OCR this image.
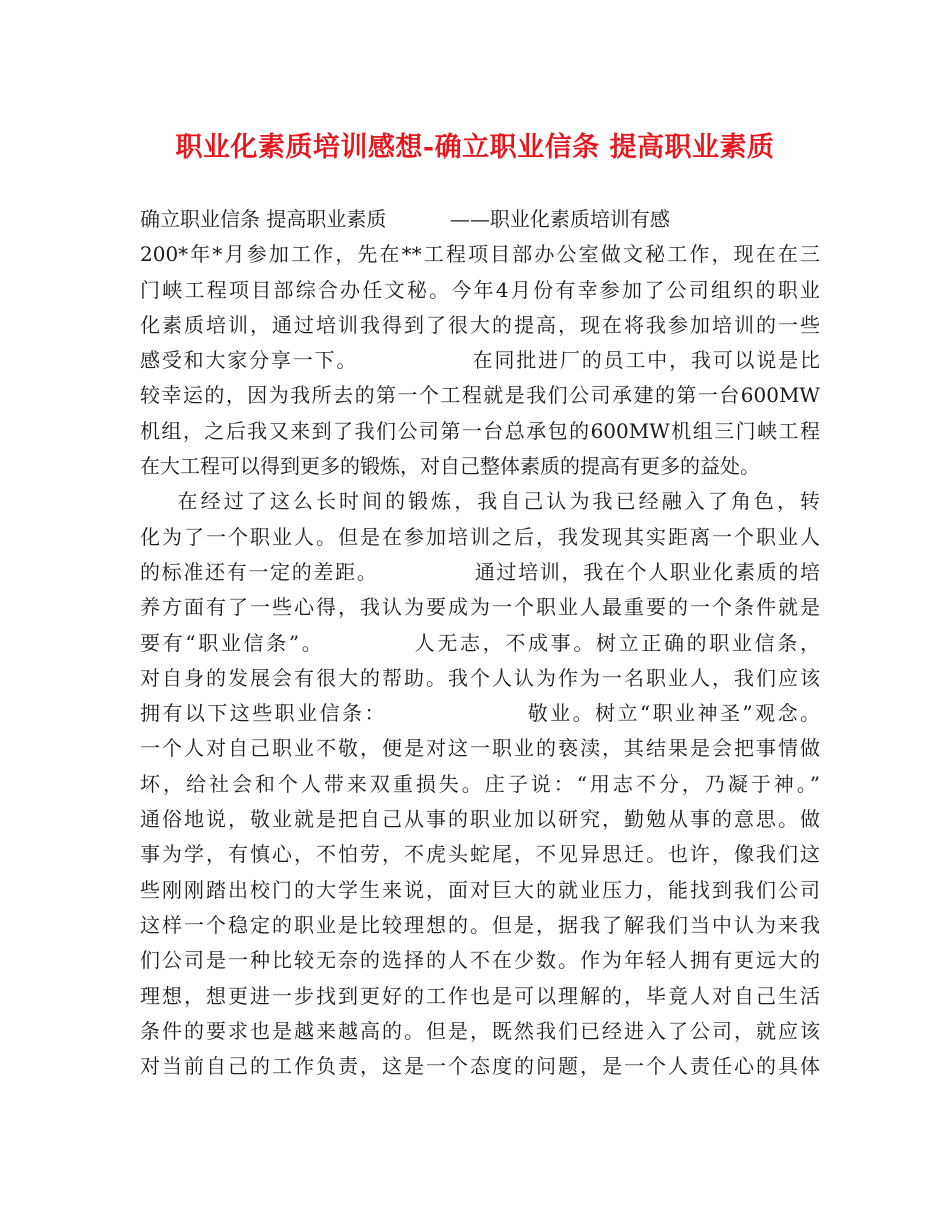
职业化素质培训感想-确立职业信条 提高职业素质
确立职业信条 提高职业素质          ——职业化素质培训有感
200*年*月参加工作，先在**工程项目部办公室做文秘工作，现在在三
门峡工程项目部综合办任文秘。今年4月份有幸参加了公司组织的职业
化素质培训，通过培训我得到了很大的提高，现在将我参加培训的一些
感受和大家分享一下。              在同批进厂的员工中，我可以说是比
较幸运的，因为我所去的第一个工程就是我们公司承建的第一台600MW
机组，之后我又来到了我们公司第一台总承包的600MW机组三门峡工程
在大工程可以得到更多的锻炼，对自己整体素质的提高有更多的益处。
在经过了这么长时间的锻炼，我自己认为我已经融入了角色，转
化为了一个职业人。但是在参加培训之后，我发现其实距离一个职业人
的标准还有一定的差距。            通过培训，我在个人职业化素质的培
养方面有了一些心得，我认为要成为一个职业人最重要的一个条件就是
要有“职业信条”。          人无志，不成事。树立正确的职业信条，
对自身的发展会有很大的帮助。我个人认为作为一名职业人，我们应该
拥有以下这些职业信条：                敬业。树立“职业神圣”观念。
一个人对自己职业不敬，便是对这一职业的亵渎，其结果是会把事情做
坏，给社会和个人带来双重损失。庄子说：“用志不分，乃凝于神。”
通俗地说，敬业就是把自己从事的职业加以研究，勤勉从事的意思。做
事为学，有慎心，不怕劳，不虎头蛇尾，不见异思迁。也许，像我们这
些刚刚踏出校门的大学生来说，面对巨大的就业压力，能找到我们公司
这样一个稳定的职业是比较理想的。但是，据我了解我们当中认为来我
们公司是一种比较无奈的选择的人不在少数。作为年轻人拥有更远大的
理想，想更进一步找到更好的工作也是可以理解的，毕竟人对自己生活
条件的要求也是越来越高的。但是，既然我们已经进入了公司，就应该
对当前自己的工作负责，这是一个态度的问题，是一个人责任心的具体
